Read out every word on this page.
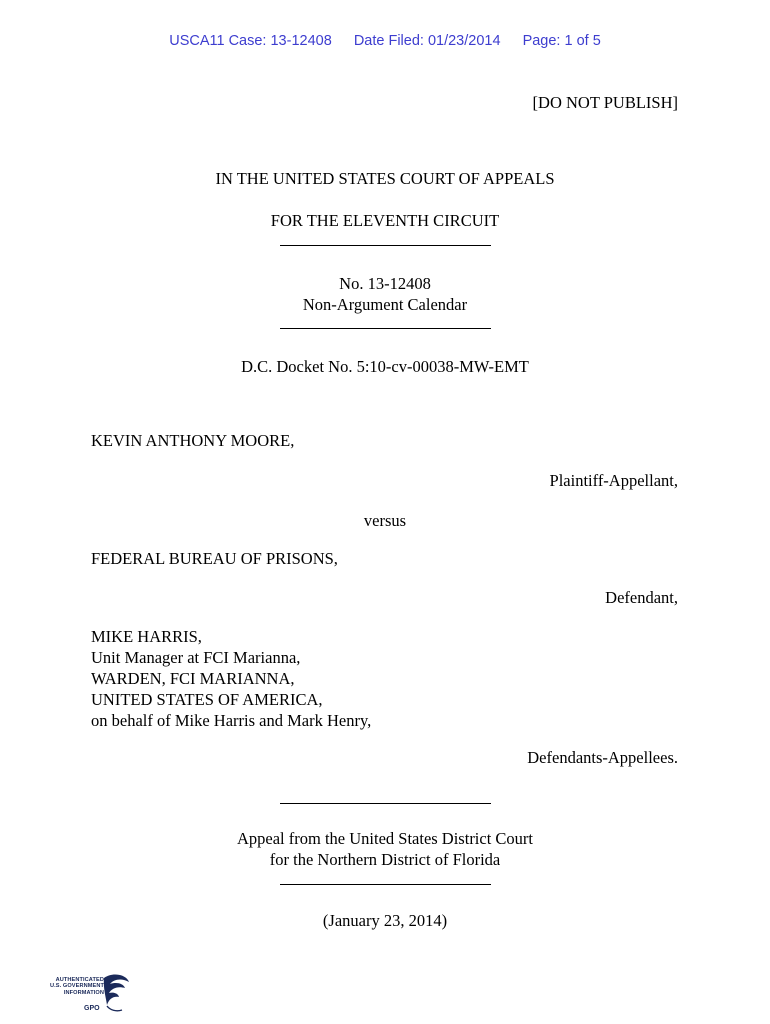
USCA11 Case: 13-12408 Date Filed: 01/23/2014 Page: 1 of 5
[DO NOT PUBLISH]
IN THE UNITED STATES COURT OF APPEALS
FOR THE ELEVENTH CIRCUIT
No. 13-12408
Non-Argument Calendar
D.C. Docket No. 5:10-cv-00038-MW-EMT
KEVIN ANTHONY MOORE,
Plaintiff-Appellant,
versus
FEDERAL BUREAU OF PRISONS,
Defendant,
MIKE HARRIS,
Unit Manager at FCI Marianna,
WARDEN, FCI MARIANNA,
UNITED STATES OF AMERICA,
on behalf of Mike Harris and Mark Henry,
Defendants-Appellees.
Appeal from the United States District Court
for the Northern District of Florida
(January 23, 2014)
AUTHENTICATED
U.S. GOVERNMENT
INFORMATION
GPO
